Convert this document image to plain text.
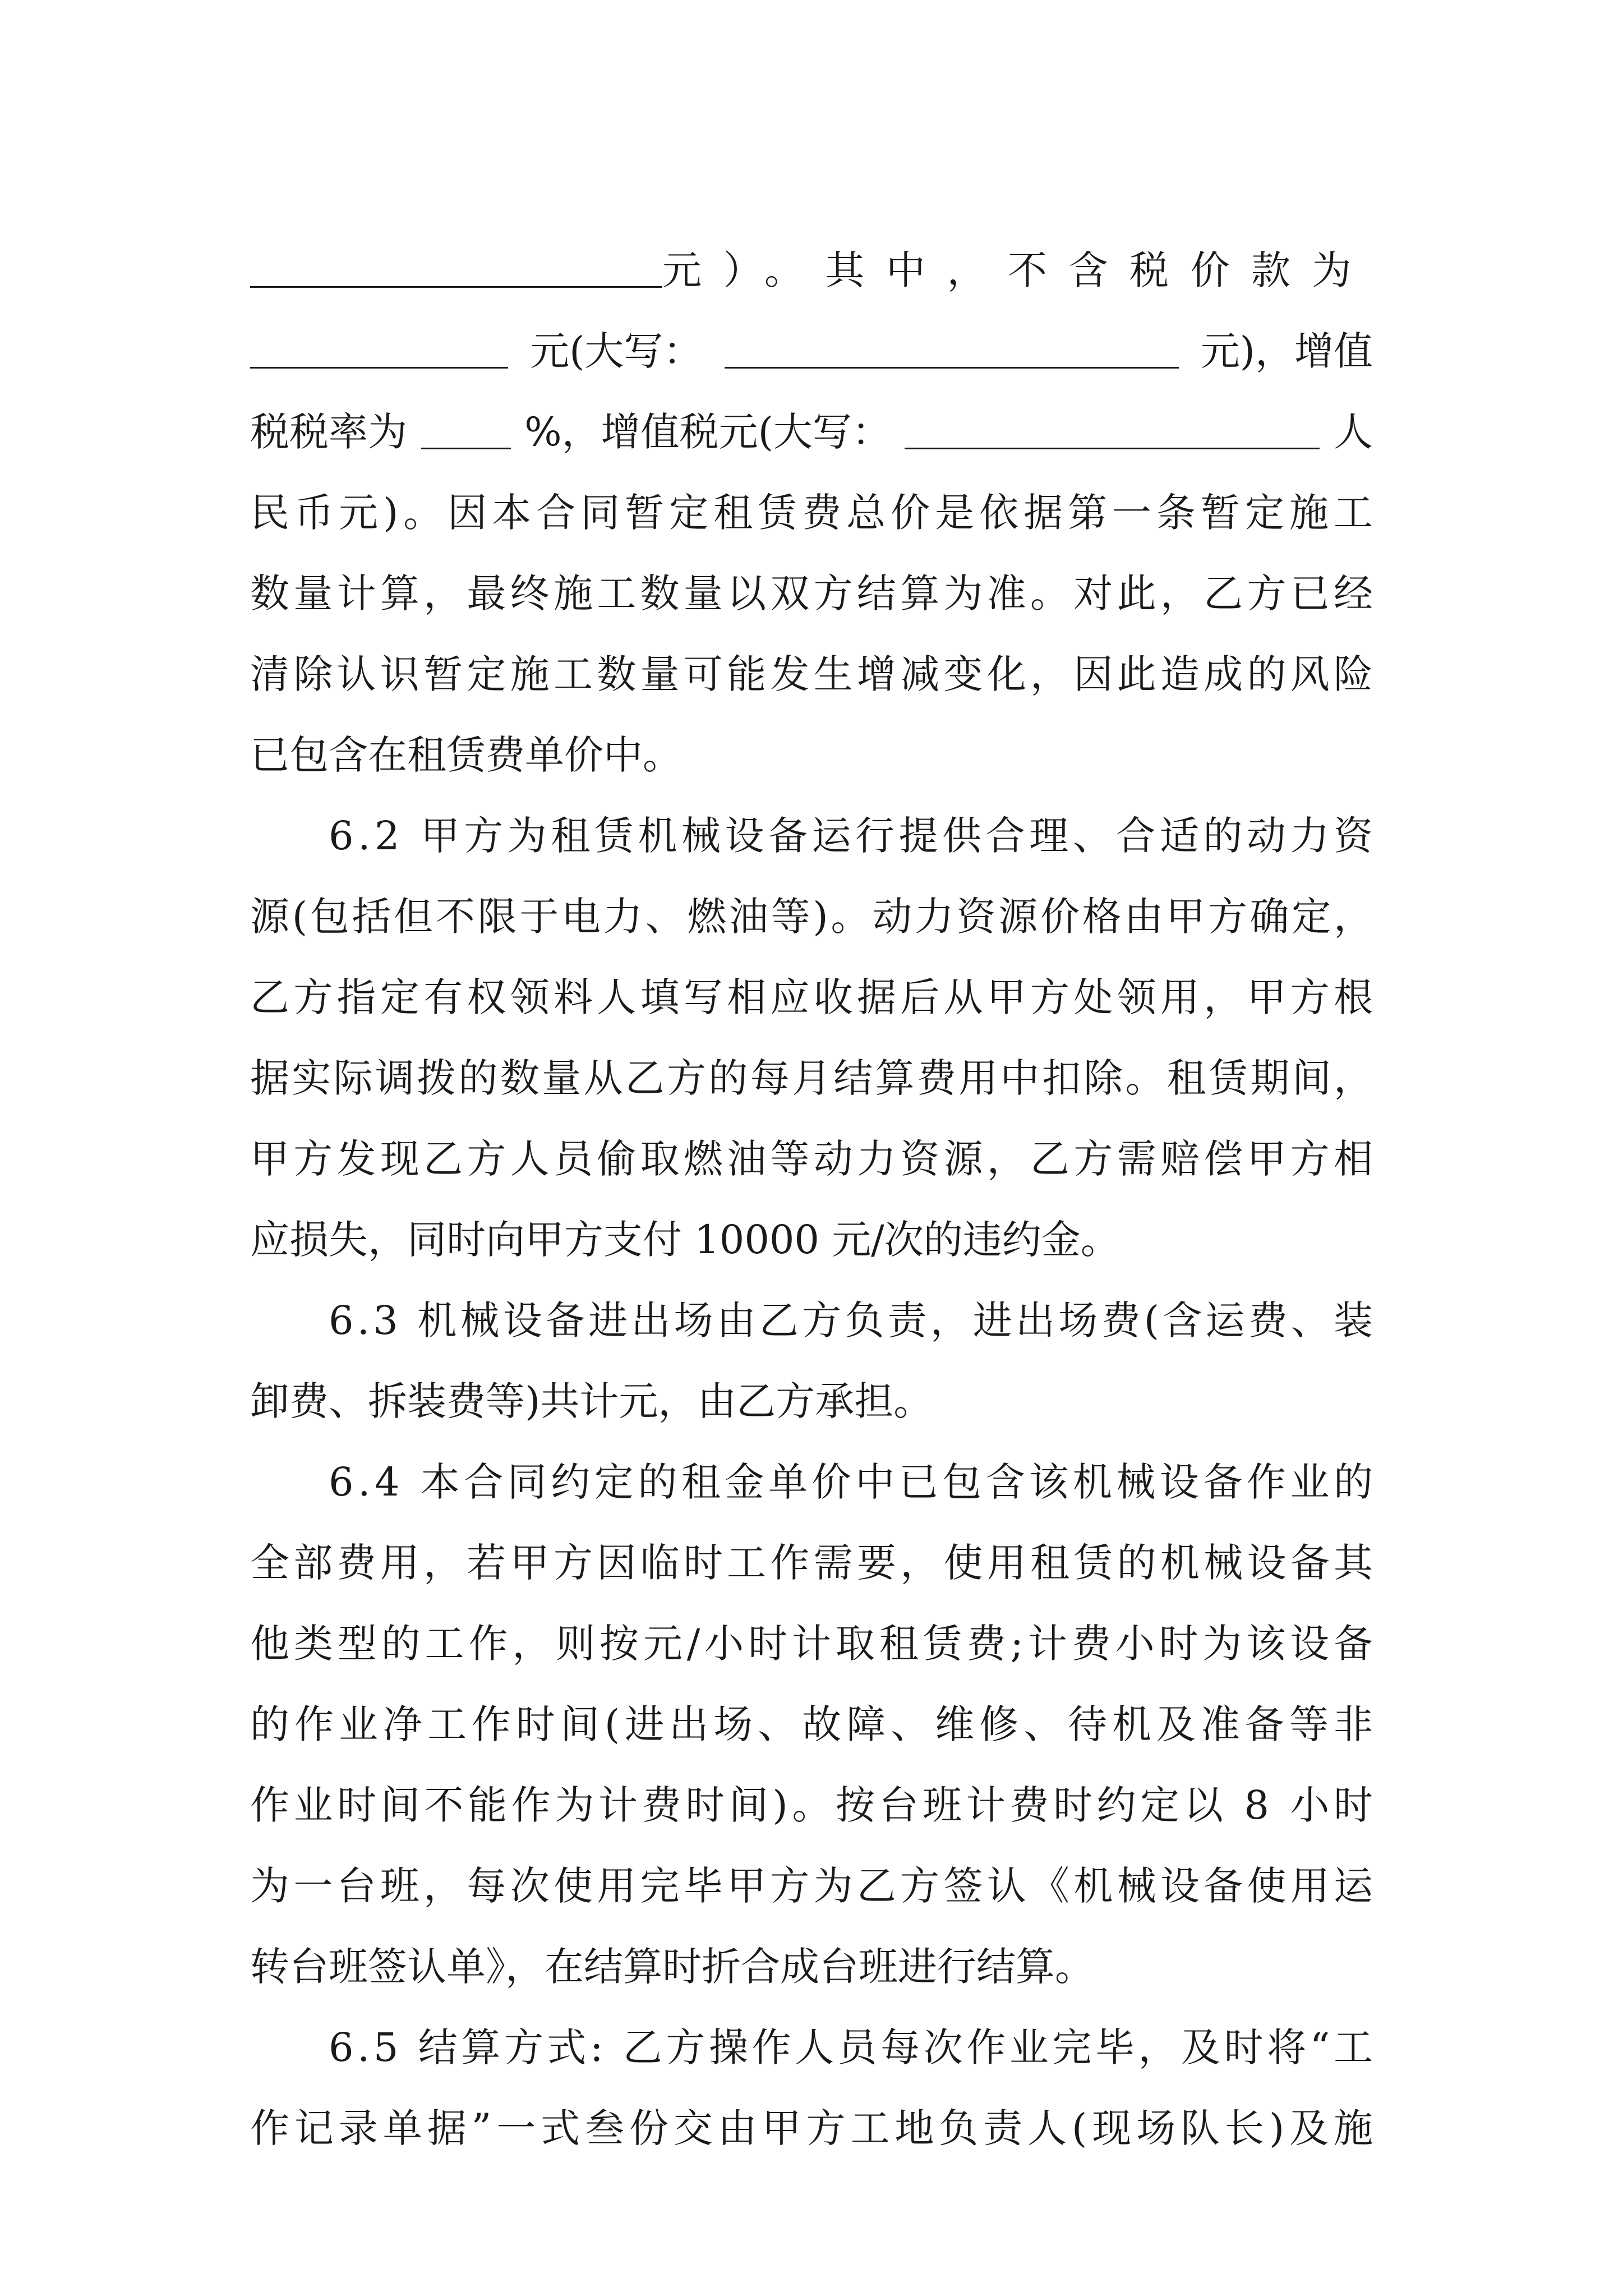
元）。其中，不含税价款为
元(大写：	元)，增值
税税率为	%，增值税元(大写：	人
民币元)。因本合同暂定租赁费总价是依据第一条暂定施工
数量计算，最终施工数量以双方结算为准。对此，乙方已经
清除认识暂定施工数量可能发生增减变化，因此造成的风险
已包含在租赁费单价中。
6.2 甲方为租赁机械设备运行提供合理、合适的动力资
源(包括但不限于电力、燃油等)。动力资源价格由甲方确定，
乙方指定有权领料人填写相应收据后从甲方处领用，甲方根
据实际调拨的数量从乙方的每月结算费用中扣除。租赁期间，
甲方发现乙方人员偷取燃油等动力资源，乙方需赔偿甲方相
应损失，同时向甲方支付 10000 元/次的违约金。
6.3 机械设备进出场由乙方负责，进出场费(含运费、装
卸费、拆装费等)共计元，由乙方承担。
6.4 本合同约定的租金单价中已包含该机械设备作业的
全部费用，若甲方因临时工作需要，使用租赁的机械设备其
他类型的工作，则按元/小时计取租赁费;计费小时为该设备
的作业净工作时间(进出场、故障、维修、待机及准备等非
作业时间不能作为计费时间)。按台班计费时约定以 8 小时
为一台班，每次使用完毕甲方为乙方签认《机械设备使用运
转台班签认单》，在结算时折合成台班进行结算。
6.5 结算方式: 乙方操作人员每次作业完毕，及时将“工
作记录单据”一式叁份交由甲方工地负责人(现场队长)及施
